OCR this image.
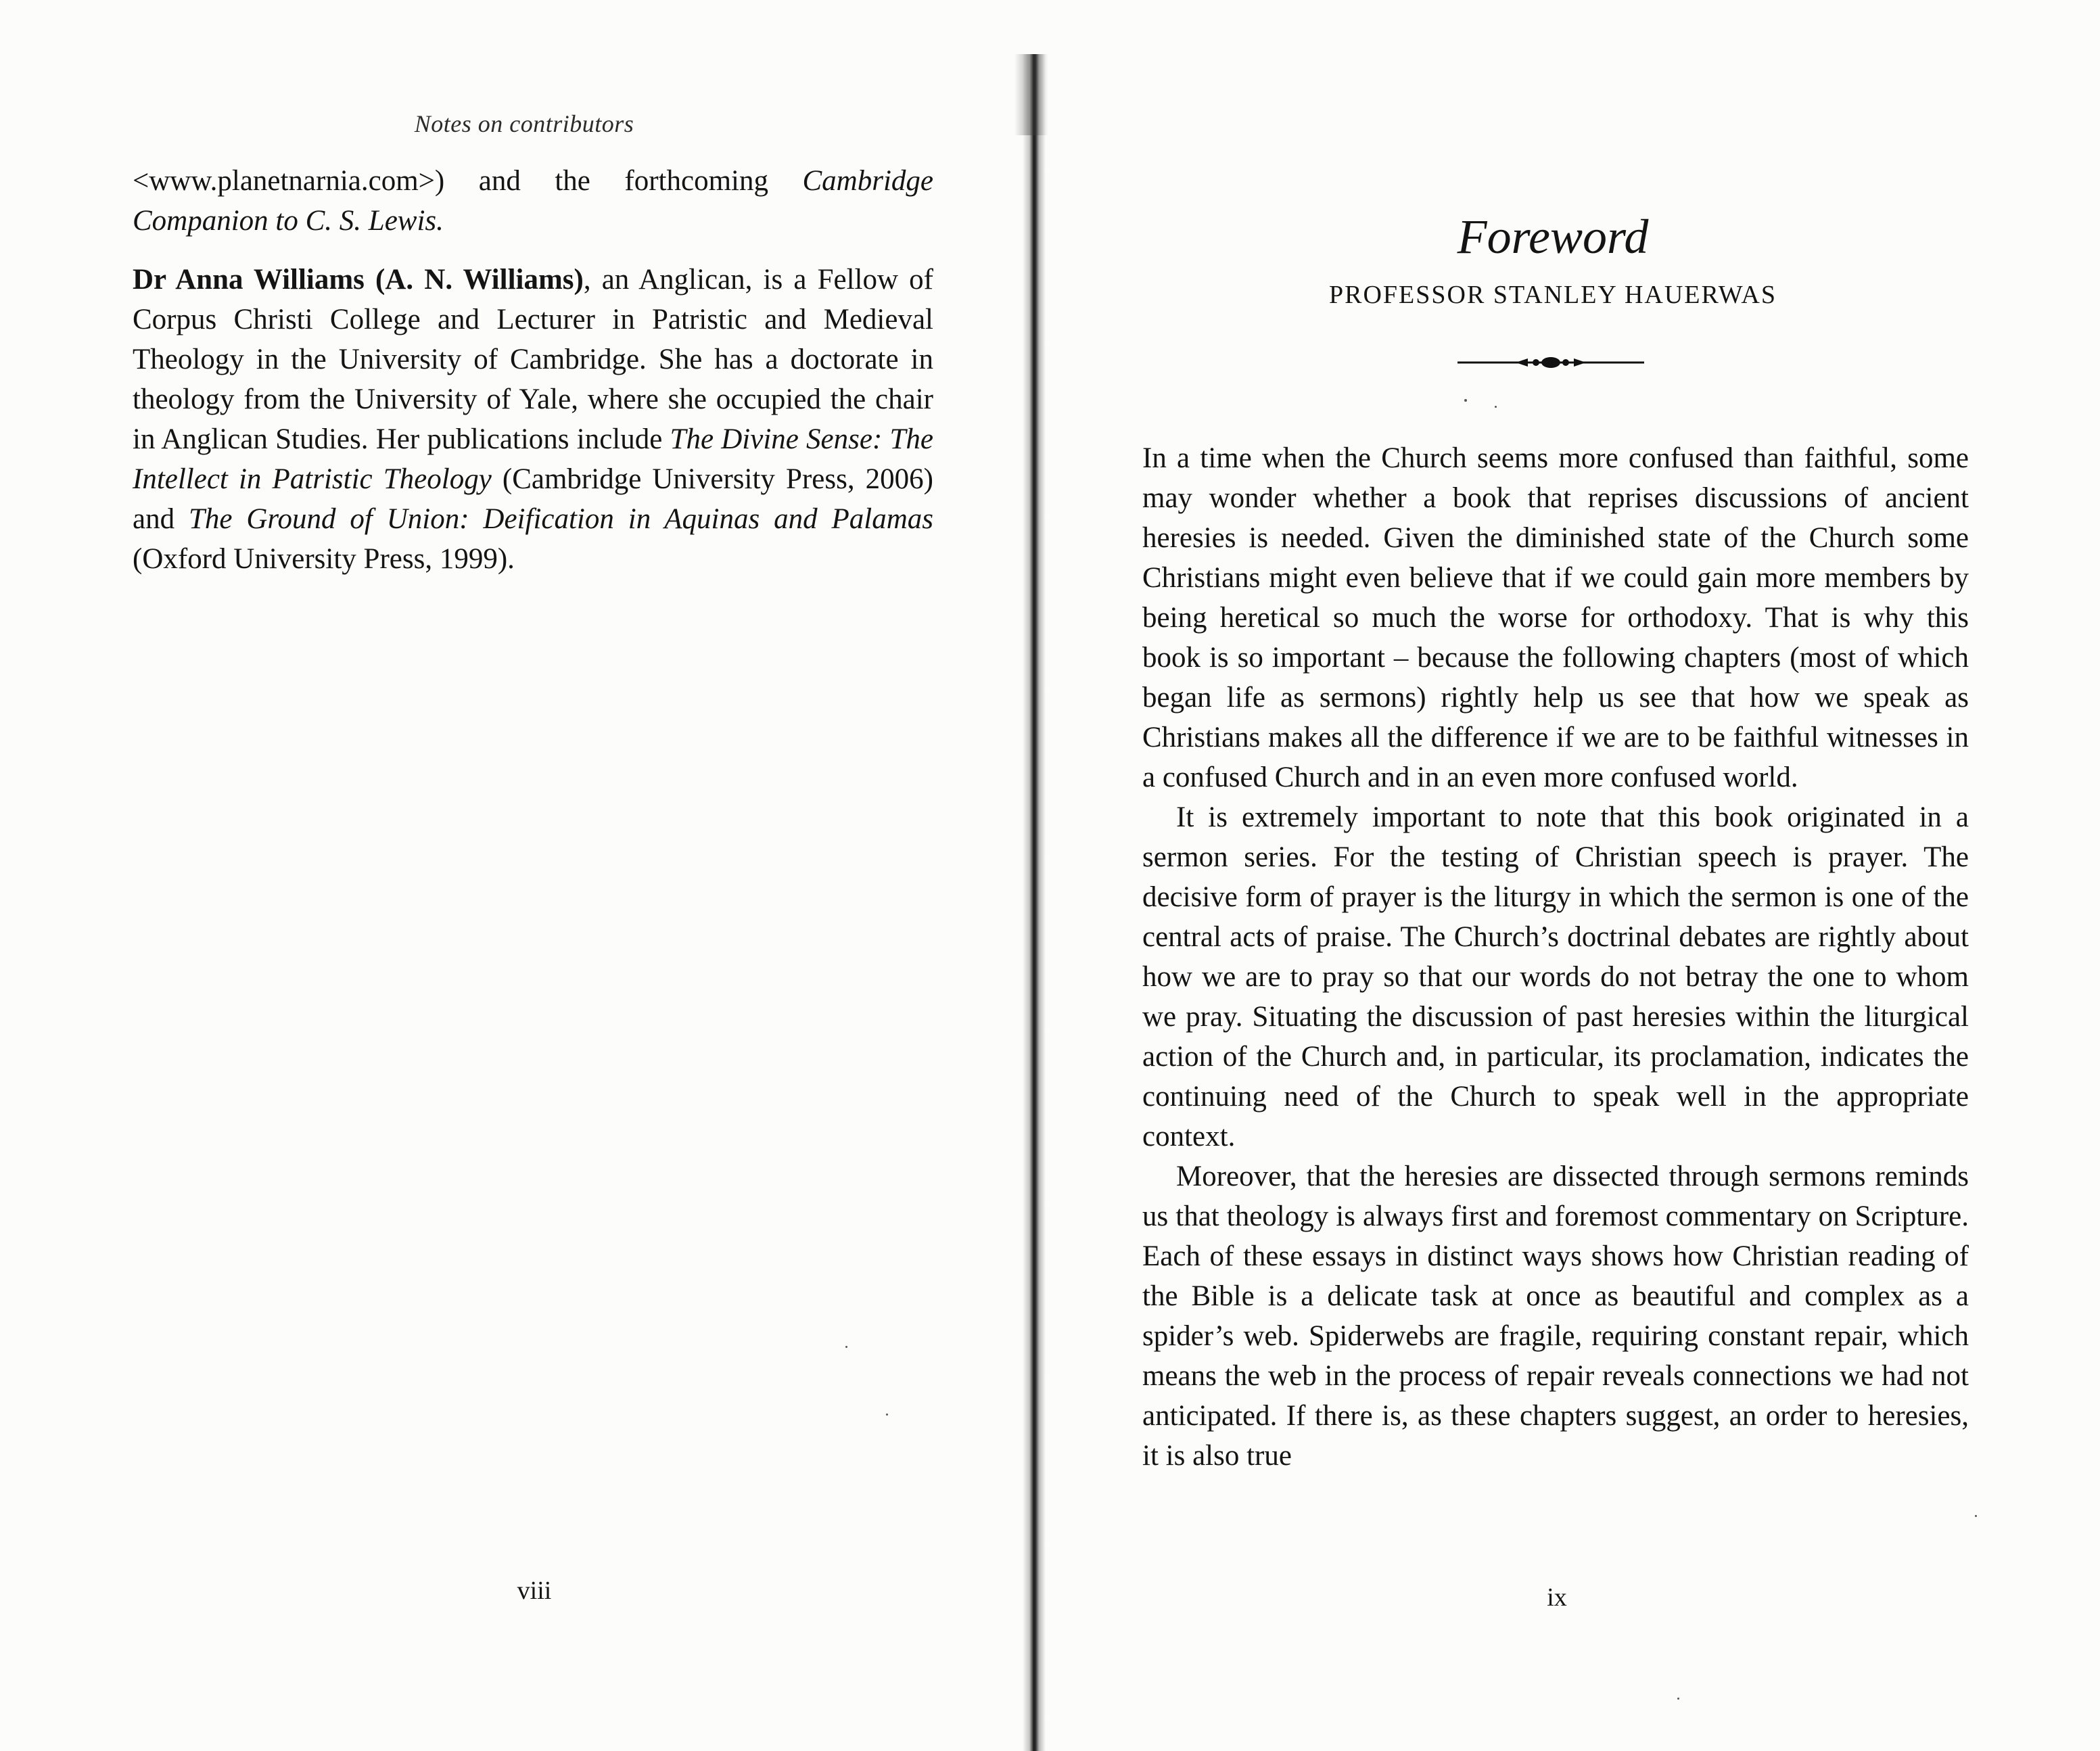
Notes on contributors

<www.planetnarnia.com>) and the forthcoming Cambridge Companion to C. S. Lewis.

Dr Anna Williams (A. N. Williams), an Anglican, is a Fellow of Corpus Christi College and Lecturer in Patristic and Medieval Theology in the University of Cambridge. She has a doctorate in theology from the University of Yale, where she occupied the chair in Anglican Studies. Her publications include The Divine Sense: The Intellect in Patristic Theology (Cambridge University Press, 2006) and The Ground of Union: Deification in Aquinas and Palamas (Oxford University Press, 1999).

viii
Foreword
PROFESSOR STANLEY HAUERWAS

In a time when the Church seems more confused than faithful, some may wonder whether a book that reprises discussions of ancient heresies is needed. Given the diminished state of the Church some Christians might even believe that if we could gain more members by being heretical so much the worse for orthodoxy. That is why this book is so important – because the following chapters (most of which began life as sermons) rightly help us see that how we speak as Christians makes all the difference if we are to be faithful witnesses in a confused Church and in an even more confused world.

It is extremely important to note that this book originated in a sermon series. For the testing of Christian speech is prayer. The decisive form of prayer is the liturgy in which the sermon is one of the central acts of praise. The Church’s doctrinal debates are rightly about how we are to pray so that our words do not betray the one to whom we pray. Situating the discussion of past heresies within the liturgical action of the Church and, in particular, its proclamation, indicates the continuing need of the Church to speak well in the appropriate context.

Moreover, that the heresies are dissected through sermons reminds us that theology is always first and foremost commentary on Scripture. Each of these essays in distinct ways shows how Christian reading of the Bible is a delicate task at once as beautiful and complex as a spider’s web. Spiderwebs are fragile, requiring constant repair, which means the web in the process of repair reveals connections we had not anticipated. If there is, as these chapters suggest, an order to heresies, it is also true

ix
